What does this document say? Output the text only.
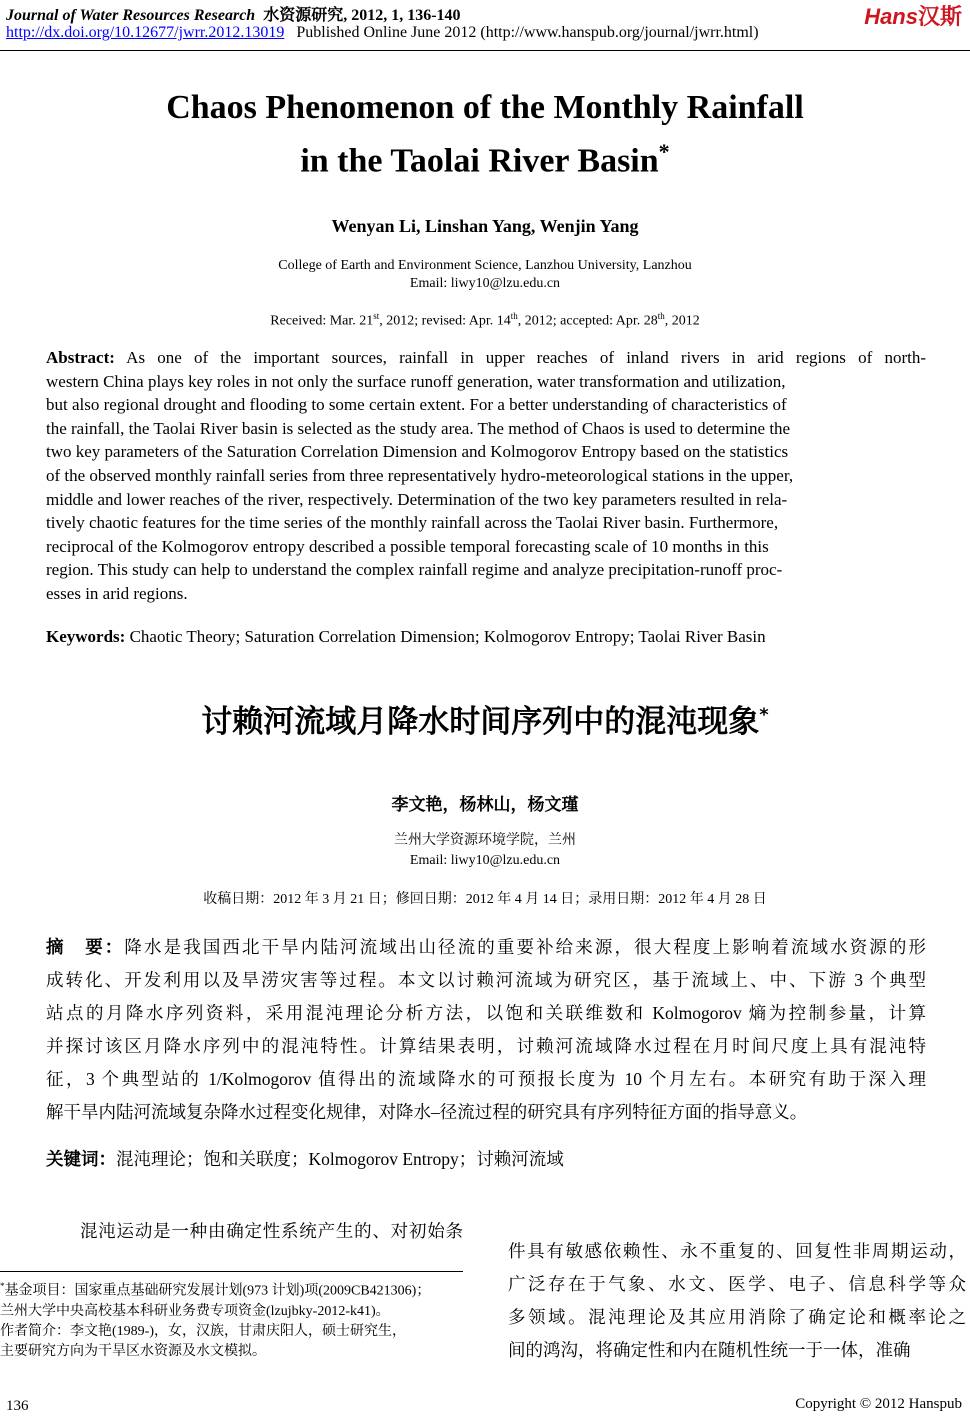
Journal of Water Resources Research 水资源研究, 2012, 1, 136-140
http://dx.doi.org/10.12677/jwrr.2012.13019 Published Online June 2012 (http://www.hanspub.org/journal/jwrr.html)
Hans汉斯
Chaos Phenomenon of the Monthly Rainfall
in the Taolai River Basin*
Wenyan Li, Linshan Yang, Wenjin Yang
College of Earth and Environment Science, Lanzhou University, Lanzhou
Email: liwy10@lzu.edu.cn
Received: Mar. 21st, 2012; revised: Apr. 14th, 2012; accepted: Apr. 28th, 2012
Abstract: As one of the important sources, rainfall in upper reaches of inland rivers in arid regions of north-
western China plays key roles in not only the surface runoff generation, water transformation and utilization,
but also regional drought and flooding to some certain extent. For a better understanding of characteristics of
the rainfall, the Taolai River basin is selected as the study area. The method of Chaos is used to determine the
two key parameters of the Saturation Correlation Dimension and Kolmogorov Entropy based on the statistics
of the observed monthly rainfall series from three representatively hydro-meteorological stations in the upper,
middle and lower reaches of the river, respectively. Determination of the two key parameters resulted in rela-
tively chaotic features for the time series of the monthly rainfall across the Taolai River basin. Furthermore,
reciprocal of the Kolmogorov entropy described a possible temporal forecasting scale of 10 months in this
region. This study can help to understand the complex rainfall regime and analyze precipitation-runoff proc-
esses in arid regions.
Keywords: Chaotic Theory; Saturation Correlation Dimension; Kolmogorov Entropy; Taolai River Basin
讨赖河流域月降水时间序列中的混沌现象*
李文艳，杨林山，杨文瑾
兰州大学资源环境学院，兰州
Email: liwy10@lzu.edu.cn
收稿日期：2012 年 3 月 21 日；修回日期：2012 年 4 月 14 日；录用日期：2012 年 4 月 28 日
摘　要：降水是我国西北干旱内陆河流域出山径流的重要补给来源，很大程度上影响着流域水资源的形
成转化、开发利用以及旱涝灾害等过程。本文以讨赖河流域为研究区，基于流域上、中、下游 3 个典型
站点的月降水序列资料，采用混沌理论分析方法，以饱和关联维数和 Kolmogorov 熵为控制参量，计算
并探讨该区月降水序列中的混沌特性。计算结果表明，讨赖河流域降水过程在月时间尺度上具有混沌特
征，3 个典型站的 1/Kolmogorov 值得出的流域降水的可预报长度为 10 个月左右。本研究有助于深入理
解干旱内陆河流域复杂降水过程变化规律，对降水–径流过程的研究具有序列特征方面的指导意义。
关键词：混沌理论；饱和关联度；Kolmogorov Entropy；讨赖河流域
混沌运动是一种由确定性系统产生的、对初始条
*基金项目：国家重点基础研究发展计划(973 计划)项(2009CB421306)；
兰州大学中央高校基本科研业务费专项资金(lzujbky-2012-k41)。
作者简介：李文艳(1989-)，女，汉族，甘肃庆阳人，硕士研究生，
主要研究方向为干旱区水资源及水文模拟。
件具有敏感依赖性、永不重复的、回复性非周期运动，
广泛存在于气象、水文、医学、电子、信息科学等众
多领域。混沌理论及其应用消除了确定论和概率论之
间的鸿沟，将确定性和内在随机性统一于一体，准确
136	Copyright © 2012 Hanspub
